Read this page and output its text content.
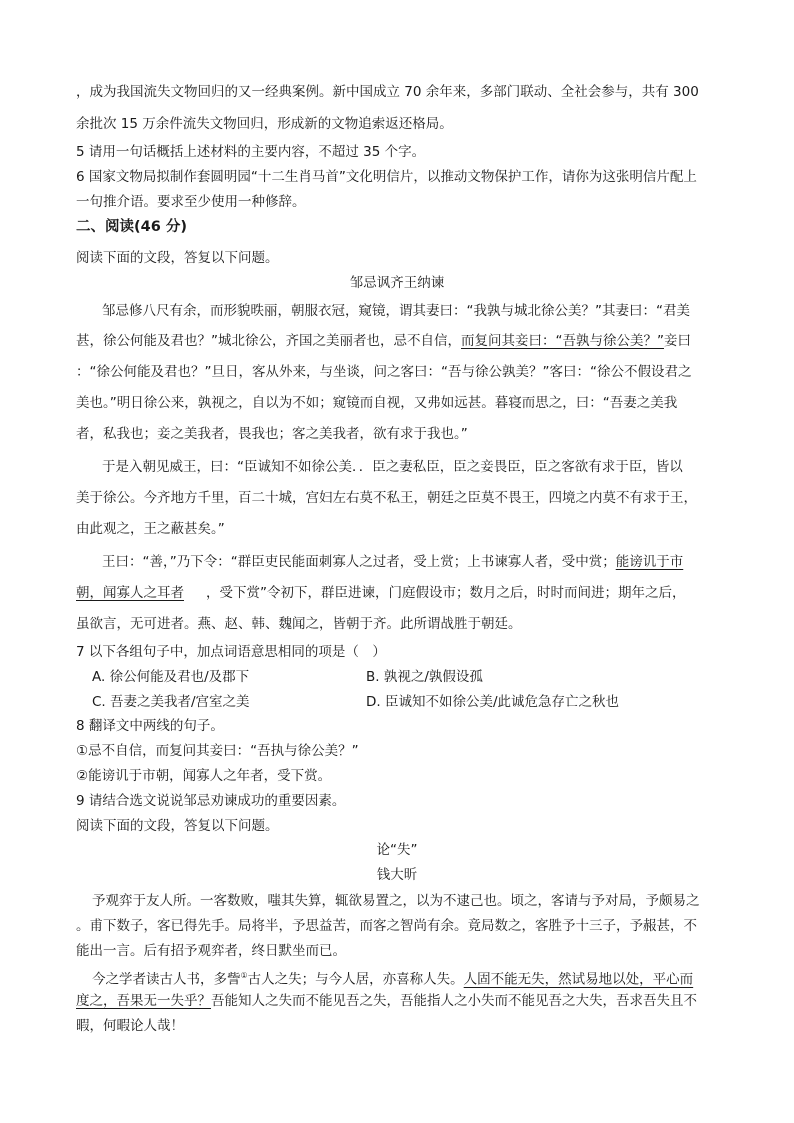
，成为我国流失文物回归的又一经典案例。新中国成立 70 余年来，多部门联动、全社会参与，共有 300
余批次 15 万余件流失文物回归，形成新的文物追索返还格局。
5 请用一句话概括上述材料的主要内容，不超过 35 个字。
6 国家文物局拟制作套圆明园“十二生肖马首”文化明信片，以推动文物保护工作，请你为这张明信片配上
一句推介语。要求至少使用一种修辞。
二、阅读(46 分)
阅读下面的文段，答复以下问题。
邹忌讽齐王纳谏
邹忌修八尺有余，而形貌昳丽，朝服衣冠，窥镜，谓其妻曰：“我孰与城北徐公美？”其妻曰：“君美
甚，徐公何能及君也？”城北徐公，齐国之美丽者也，忌不自信，而复问其妾曰：“吾孰与徐公美？”妾曰
：“徐公何能及君也？”旦日，客从外来，与坐谈，问之客曰：“吾与徐公孰美？”客曰：“徐公不假设君之
美也。”明日徐公来，孰视之，自以为不如；窥镜而自视，又弗如远甚。暮寝而思之，曰：“吾妻之美我
者，私我也；妾之美我者，畏我也；客之美我者，欲有求于我也。”
于是入朝见威王，曰：“臣诚知不如徐公美．．臣之妻私臣，臣之妾畏臣，臣之客欲有求于臣，皆以
美于徐公。今齐地方千里，百二十城，宫妇左右莫不私王，朝廷之臣莫不畏王，四境之内莫不有求于王，
由此观之，王之蔽甚矣。”
王曰：“善，”乃下令：“群臣吏民能面刺寡人之过者，受上赏；上书谏寡人者，受中赏；能谤讥于市
朝，闻寡人之耳者 ，受下赏”令初下，群臣进谏，门庭假设市；数月之后，时时而间进；期年之后，
虽欲言，无可进者。燕、赵、韩、魏闻之，皆朝于齐。此所谓战胜于朝廷。
7 以下各组句子中，加点词语意思相同的项是（　）
A. 徐公何能及君也/及郡下	B. 孰视之/孰假设孤
C. 吾妻之美我者/宫室之美	D. 臣诚知不如徐公美/此诚危急存亡之秋也
8 翻译文中两线的句子。
①忌不自信，而复问其妾曰：“吾执与徐公美？”
②能谤讥于市朝，闻寡人之年者，受下赏。
9 请结合选文说说邹忌劝谏成功的重要因素。
阅读下面的文段，答复以下问题。
论“失”
钱大昕
予观弈于友人所。一客数败，嗤其失算，辄欲易置之，以为不逮己也。顷之，客请与予对局，予颇易之
。甫下数子，客已得先手。局将半，予思益苦，而客之智尚有余。竟局数之，客胜予十三子，予赧甚，不
能出一言。后有招予观弈者，终日默坐而已。
今之学者读古人书，多訾①古人之失；与今人居，亦喜称人失。人固不能无失，然试易地以处，平心而
度之，吾果无一失乎？吾能知人之失而不能见吾之失，吾能指人之小失而不能见吾之大失，吾求吾失且不
暇，何暇论人哉！
